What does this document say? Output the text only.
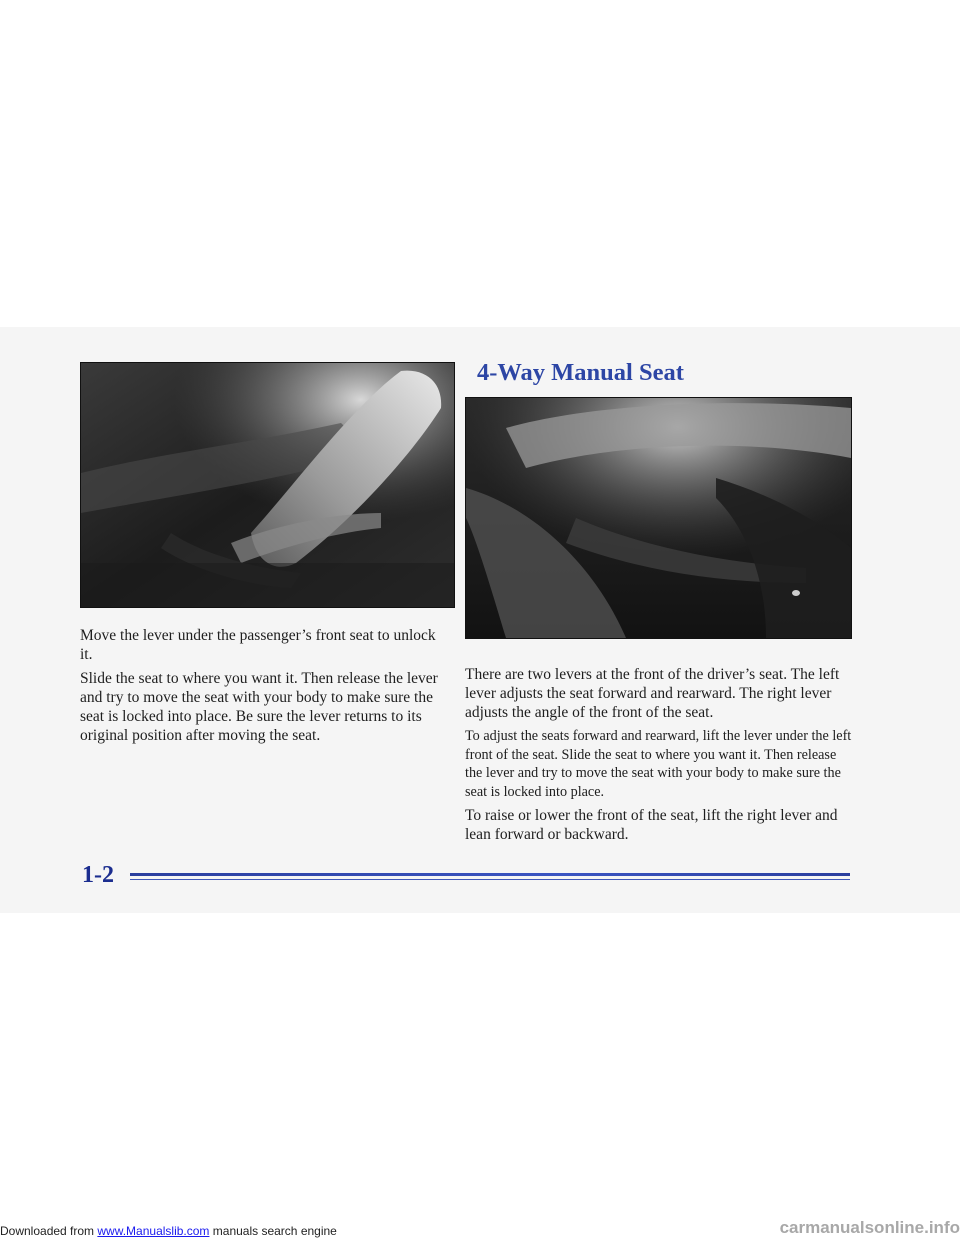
4-Way Manual Seat

Move the lever under the passenger’s front seat to unlock it.

Slide the seat to where you want it. Then release the lever and try to move the seat with your body to make sure the seat is locked into place. Be sure the lever returns to its original position after moving the seat.

There are two levers at the front of the driver’s seat. The left lever adjusts the seat forward and rearward. The right lever adjusts the angle of the front of the seat.

To adjust the seats forward and rearward, lift the lever under the left front of the seat. Slide the seat to where you want it. Then release the lever and try to move the seat with your body to make sure the seat is locked into place.

To raise or lower the front of the seat, lift the right lever and lean forward or backward.

1-2

Downloaded from www.Manualslib.com manuals search engine	carmanualsonline.info
